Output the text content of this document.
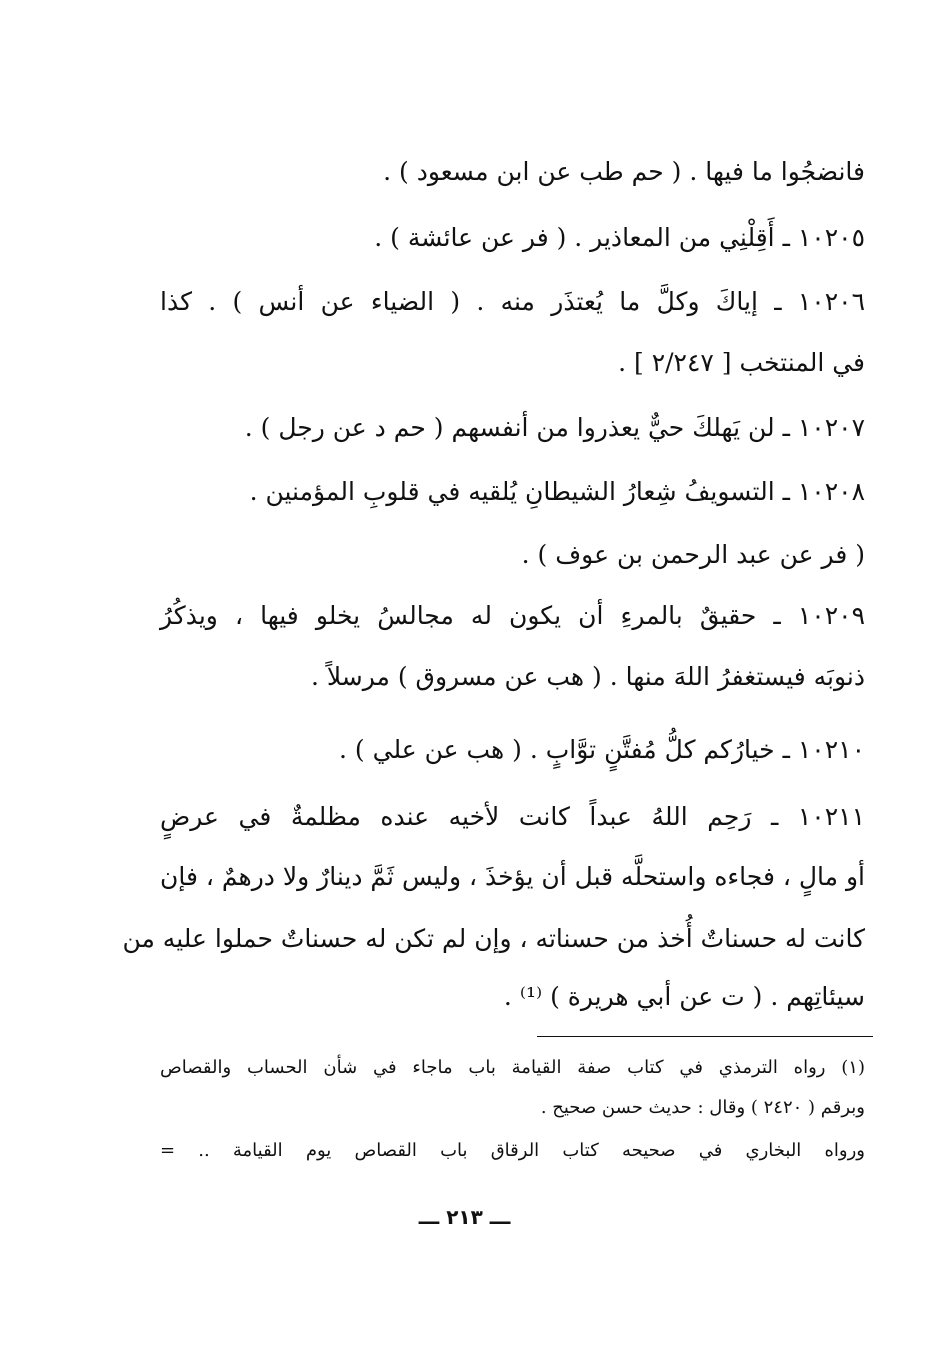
فانضجُوا ما فيها . ( حم طب عن ابن مسعود ) .
١٠٢٠٥ ـ أَقِلْنِي من المعاذير . ( فر عن عائشة ) .
١٠٢٠٦ ـ إياكَ وكلَّ ما يُعتذَر منه . ( الضياء عن أنس ) . كذا
في المنتخب [ ٢/٢٤٧ ] .
١٠٢٠٧ ـ لن يَهلكَ حيٌّ يعذروا من أنفسهم ( حم د عن رجل ) .
١٠٢٠٨ ـ التسويفُ شِعارُ الشيطانِ يُلقيه في قلوبِ المؤمنين .
( فر عن عبد الرحمن بن عوف ) .
١٠٢٠٩ ـ حقيقٌ بالمرءِ أن يكون له مجالسُ يخلو فيها ، ويذكُرُ
ذنوبَه فيستغفرُ اللهَ منها . ( هب عن مسروق ) مرسلاً .
١٠٢١٠ ـ خيارُكم كلُّ مُفتَّنٍ توَّابٍ . ( هب عن علي ) .
١٠٢١١ ـ رَحِم اللهُ عبداً كانت لأخيه عنده مظلمةٌ في عرضٍ
أو مالٍ ، فجاءه واستحلَّه قبل أن يؤخذَ ، وليس ثَمَّ دينارٌ ولا درهمٌ ، فإن
كانت له حسناتٌ أُخذ من حسناته ، وإن لم تكن له حسناتٌ حملوا عليه من
سيئاتِهم . ( ت عن أبي هريرة ) ⁽¹⁾ .
(١) رواه الترمذي في كتاب صفة القيامة باب ماجاء في شأن الحساب والقصاص
وبرقم ( ٢٤٢٠ ) وقال : حديث حسن صحيح .
ورواه البخاري في صحيحه كتاب الرقاق باب القصاص يوم القيامة .. =
ـــ ٢١٣ ـــ
